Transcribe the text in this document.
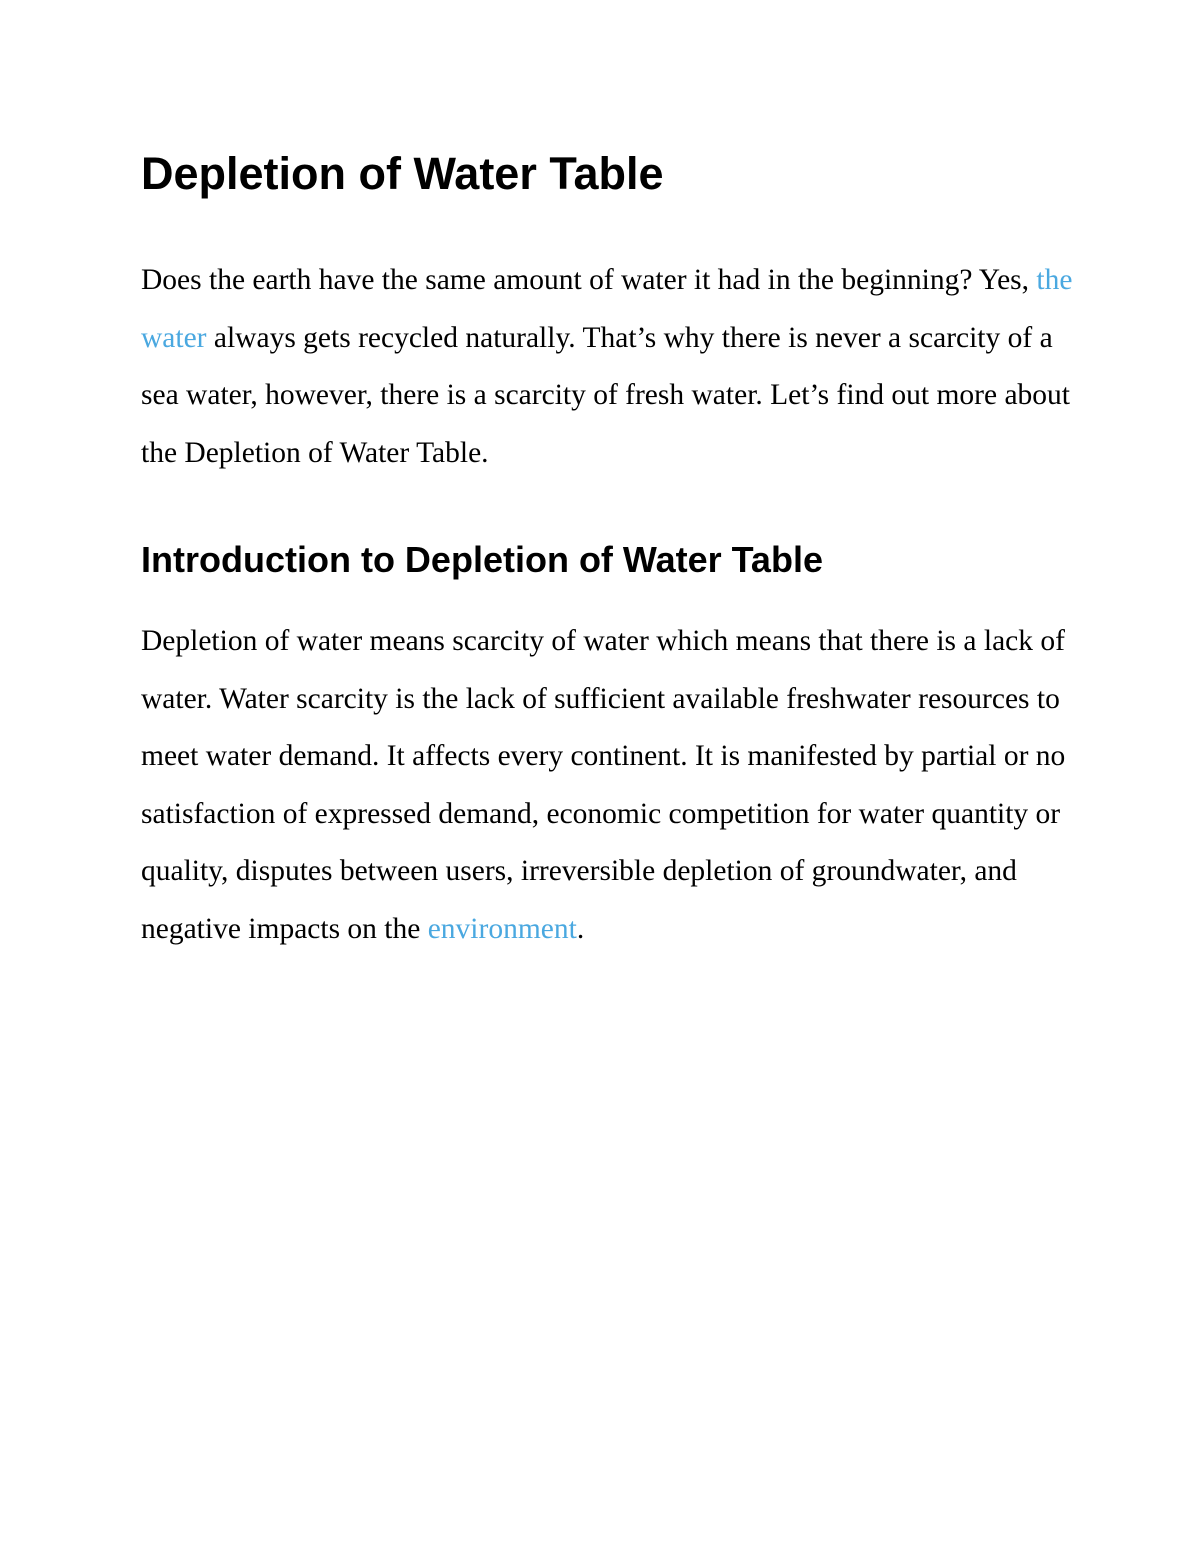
Depletion of Water Table

Does the earth have the same amount of water it had in the beginning? Yes, the water always gets recycled naturally. That’s why there is never a scarcity of a sea water, however, there is a scarcity of fresh water. Let’s find out more about the Depletion of Water Table.

Introduction to Depletion of Water Table

Depletion of water means scarcity of water which means that there is a lack of water. Water scarcity is the lack of sufficient available freshwater resources to meet water demand. It affects every continent. It is manifested by partial or no satisfaction of expressed demand, economic competition for water quantity or quality, disputes between users, irreversible depletion of groundwater, and negative impacts on the environment.
